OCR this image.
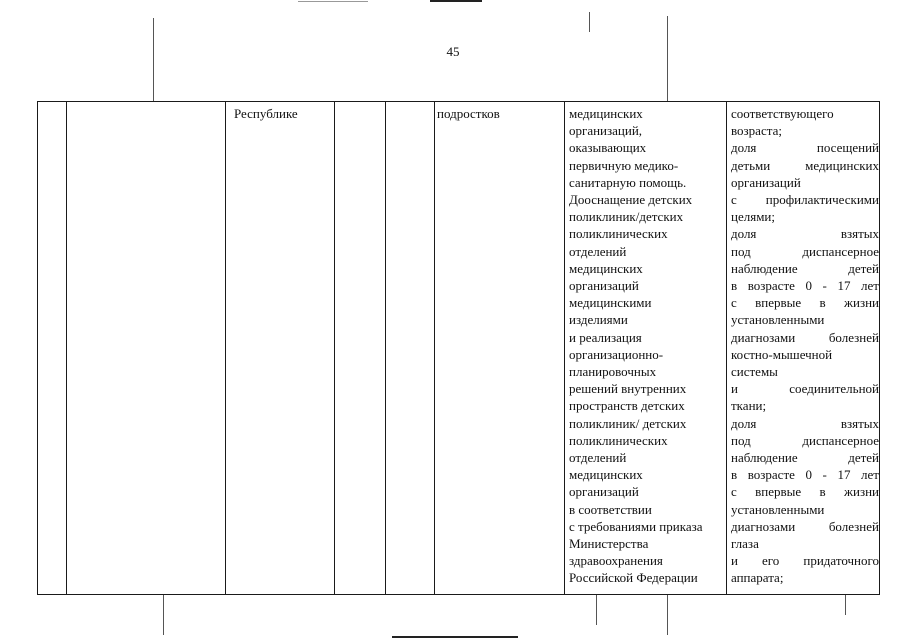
45
Республике	подростков	медицинских
организаций,
оказывающих
первичную медико-
санитарную помощь.
Дооснащение детских
поликлиник/детских
поликлинических
отделений
медицинских
организаций
медицинскими
изделиями
и реализация
организационно-
планировочных
решений внутренних
пространств детских
поликлиник/ детских
поликлинических
отделений
медицинских
организаций
в соответствии
с требованиями приказа
Министерства
здравоохранения
Российской Федерации
соответствующего
возраста;
доля посещений
детьми медицинских
организаций
с профилактическими
целями;
доля взятых
под диспансерное
наблюдение детей
в возрасте 0 - 17 лет
с впервые в жизни
установленными
диагнозами болезней
костно-мышечной
системы
и соединительной
ткани;
доля взятых
под диспансерное
наблюдение детей
в возрасте 0 - 17 лет
с впервые в жизни
установленными
диагнозами болезней
глаза
и его придаточного
аппарата;
